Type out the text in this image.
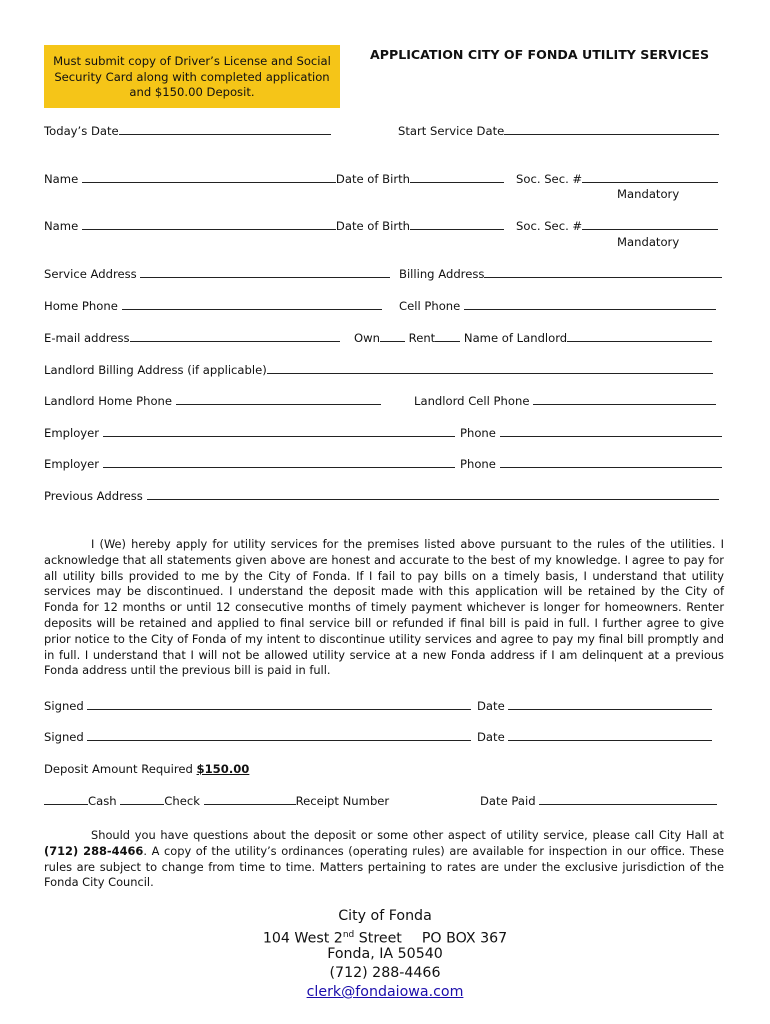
Must submit copy of Driver’s License and Social Security Card along with completed application and $150.00 Deposit.
APPLICATION CITY OF FONDA UTILITY SERVICES
Today’s Date	Start Service Date
Name	Date of Birth	Soc. Sec. #
Mandatory
Name	Date of Birth	Soc. Sec. #
Mandatory
Service Address	Billing Address
Home Phone	Cell Phone
E-mail address	Own Rent Name of Landlord
Landlord Billing Address (if applicable)
Landlord Home Phone	Landlord Cell Phone
Employer	Phone
Employer	Phone
Previous Address
I (We) hereby apply for utility services for the premises listed above pursuant to the rules of the utilities. I acknowledge that all statements given above are honest and accurate to the best of my knowledge. I agree to pay for all utility bills provided to me by the City of Fonda. If I fail to pay bills on a timely basis, I understand that utility services may be discontinued. I understand the deposit made with this application will be retained by the City of Fonda for 12 months or until 12 consecutive months of timely payment whichever is longer for homeowners. Renter deposits will be retained and applied to final service bill or refunded if final bill is paid in full. I further agree to give prior notice to the City of Fonda of my intent to discontinue utility services and agree to pay my final bill promptly and in full. I understand that I will not be allowed utility service at a new Fonda address if I am delinquent at a previous Fonda address until the previous bill is paid in full.
Signed	Date
Signed	Date
Deposit Amount Required $150.00
Cash	Check	Receipt Number	Date Paid
Should you have questions about the deposit or some other aspect of utility service, please call City Hall at (712) 288-4466. A copy of the utility’s ordinances (operating rules) are available for inspection in our office. These rules are subject to change from time to time. Matters pertaining to rates are under the exclusive jurisdiction of the Fonda City Council.
City of Fonda
104 West 2nd Street PO BOX 367
Fonda, IA 50540
(712) 288-4466
clerk@fondaiowa.com
